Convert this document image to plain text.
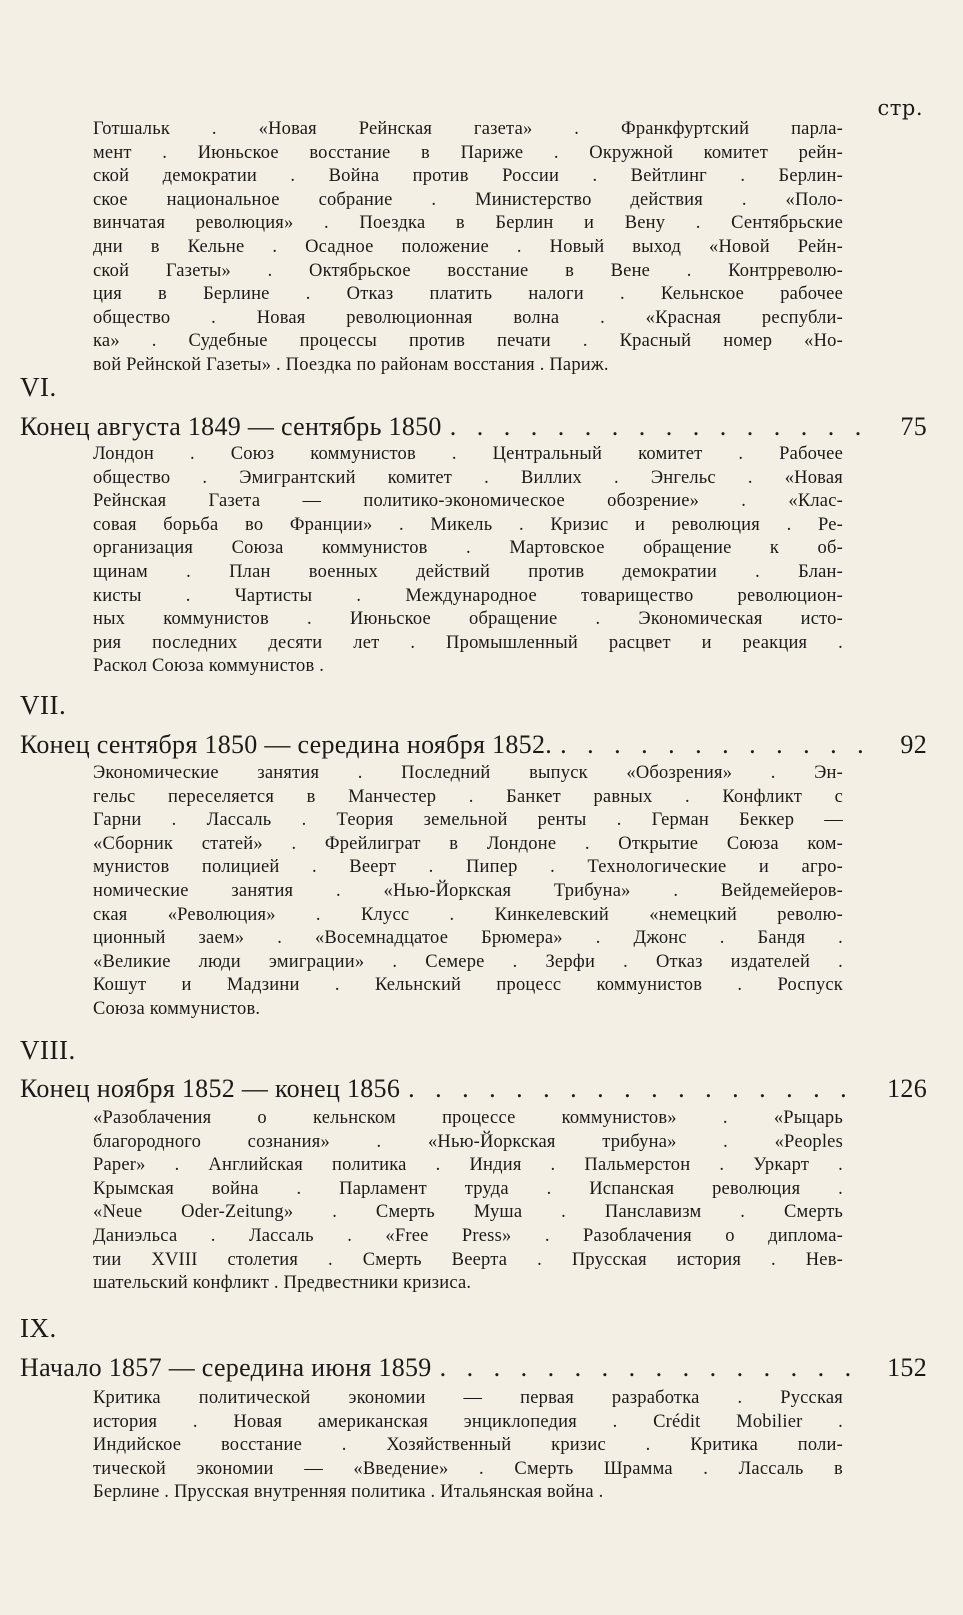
стр.
Готшальк . «Новая Рейнская газета» . Франкфуртский парла-
мент . Июньское восстание в Париже . Окружной комитет рейн-
ской демократии . Война против России . Вейтлинг . Берлин-
ское национальное собрание . Министерство действия . «Поло-
винчатая революция» . Поездка в Берлин и Вену . Сентябрьские
дни в Кельне . Осадное положение . Новый выход «Новой Рейн-
ской Газеты» . Октябрьское восстание в Вене . Контрреволю-
ция в Берлине . Отказ платить налоги . Кельнское рабочее
общество . Новая революционная волна . «Красная республи-
ка» . Судебные процессы против печати . Красный номер «Но-
вой Рейнской Газеты» . Поездка по районам восстания . Париж.
VI.
Конец августа 1849 — сентябрь 1850 . . .	75
Лондон . Союз коммунистов . Центральный комитет . Рабочее
общество . Эмигрантский комитет . Виллих . Энгельс . «Новая
Рейнская Газета — политико-экономическое обозрение» . «Клас-
совая борьба во Франции» . Микель . Кризис и революция . Ре-
организация Союза коммунистов . Мартовское обращение к об-
щинам . План военных действий против демократии . Блан-
кисты . Чартисты . Международное товарищество революцион-
ных коммунистов . Июньское обращение . Экономическая исто-
рия последних десяти лет . Промышленный расцвет и реакция .
Раскол Союза коммунистов .
VII.
Конец сентября 1850 — середина ноября 1852. . . .	92
Экономические занятия . Последний выпуск «Обозрения» . Эн-
гельс переселяется в Манчестер . Банкет равных . Конфликт с
Гарни . Лассаль . Теория земельной ренты . Герман Беккер —
«Сборник статей» . Фрейлиграт в Лондоне . Открытие Союза ком-
мунистов полицией . Веерт . Пипер . Технологические и агро-
номические занятия . «Нью-Йоркская Трибуна» . Вейдемейеров-
ская «Революция» . Клусс . Кинкелевский «немецкий револю-
ционный заем» . «Восемнадцатое Брюмера» . Джонс . Бандя .
«Великие люди эмиграции» . Семере . Зерфи . Отказ издателей .
Кошут и Мадзини . Кельнский процесс коммунистов . Роспуск
Союза коммунистов.
VIII.
Конец ноября 1852 — конец 1856 . . .	126
«Разоблачения о кельнском процессе коммунистов» . «Рыцарь
благородного сознания» . «Нью-Йоркская трибуна» . «Peoples
Paper» . Английская политика . Индия . Пальмерстон . Уркарт .
Крымская война . Парламент труда . Испанская революция .
«Neue Oder-Zeitung» . Смерть Муша . Панславизм . Смерть
Даниэльса . Лассаль . «Free Press» . Разоблачения о диплома-
тии XVIII столетия . Смерть Веерта . Прусская история . Нев-
шательский конфликт . Предвестники кризиса.
IX.
Начало 1857 — середина июня 1859 . . .	152
Критика политической экономии — первая разработка . Русская
история . Новая американская энциклопедия . Crédit Mobilier .
Индийское восстание . Хозяйственный кризис . Критика поли-
тической экономии — «Введение» . Смерть Шрамма . Лассаль в
Берлине . Прусская внутренняя политика . Итальянская война .
